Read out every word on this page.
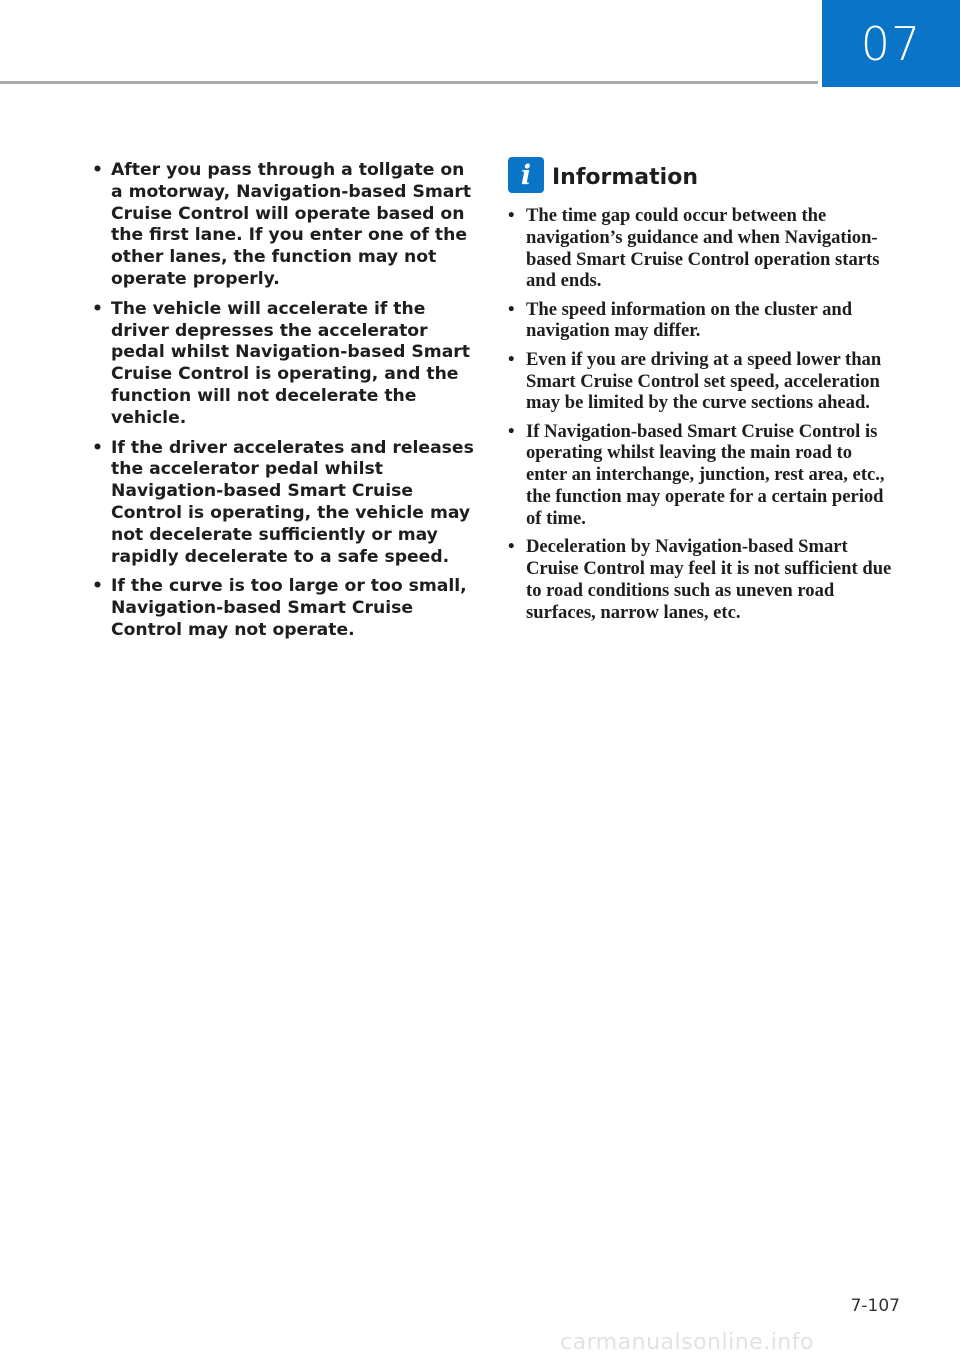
07
• After you pass through a tollgate on a motorway, Navigation-based Smart Cruise Control will operate based on the first lane. If you enter one of the other lanes, the function may not operate properly.
• The vehicle will accelerate if the driver depresses the accelerator pedal whilst Navigation-based Smart Cruise Control is operating, and the function will not decelerate the vehicle.
• If the driver accelerates and releases the accelerator pedal whilst Navigation-based Smart Cruise Control is operating, the vehicle may not decelerate sufficiently or may rapidly decelerate to a safe speed.
• If the curve is too large or too small, Navigation-based Smart Cruise Control may not operate.
i Information
• The time gap could occur between the navigation’s guidance and when Navigation-based Smart Cruise Control operation starts and ends.
• The speed information on the cluster and navigation may differ.
• Even if you are driving at a speed lower than Smart Cruise Control set speed, acceleration may be limited by the curve sections ahead.
• If Navigation-based Smart Cruise Control is operating whilst leaving the main road to enter an interchange, junction, rest area, etc., the function may operate for a certain period of time.
• Deceleration by Navigation-based Smart Cruise Control may feel it is not sufficient due to road conditions such as uneven road surfaces, narrow lanes, etc.
7-107
carmanualsonline.info
